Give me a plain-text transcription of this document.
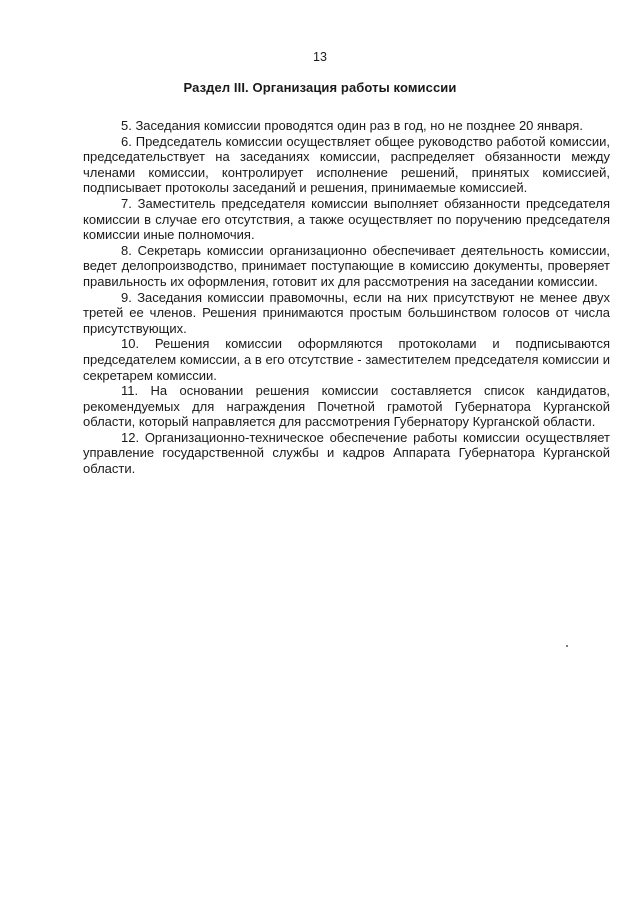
13
Раздел III. Организация работы комиссии

5. Заседания комиссии проводятся один раз в год, но не позднее 20 января.

6. Председатель комиссии осуществляет общее руководство работой комиссии, председательствует на заседаниях комиссии, распределяет обязанности между членами комиссии, контролирует исполнение решений, принятых комиссией, подписывает протоколы заседаний и решения, принимаемые комиссией.

7. Заместитель председателя комиссии выполняет обязанности председателя комиссии в случае его отсутствия, а также осуществляет по поручению председателя комиссии иные полномочия.

8. Секретарь комиссии организационно обеспечивает деятельность комиссии, ведет делопроизводство, принимает поступающие в комиссию документы, проверяет правильность их оформления, готовит их для рассмотрения на заседании комиссии.

9. Заседания комиссии правомочны, если на них присутствуют не менее двух третей ее членов. Решения принимаются простым большинством голосов от числа присутствующих.

10. Решения комиссии оформляются протоколами и подписываются председателем комиссии, а в его отсутствие - заместителем председателя комиссии и секретарем комиссии.

11. На основании решения комиссии составляется список кандидатов, рекомендуемых для награждения Почетной грамотой Губернатора Курганской области, который направляется для рассмотрения Губернатору Курганской области.

12. Организационно-техническое обеспечение работы комиссии осуществляет управление государственной службы и кадров Аппарата Губернатора Курганской области.
